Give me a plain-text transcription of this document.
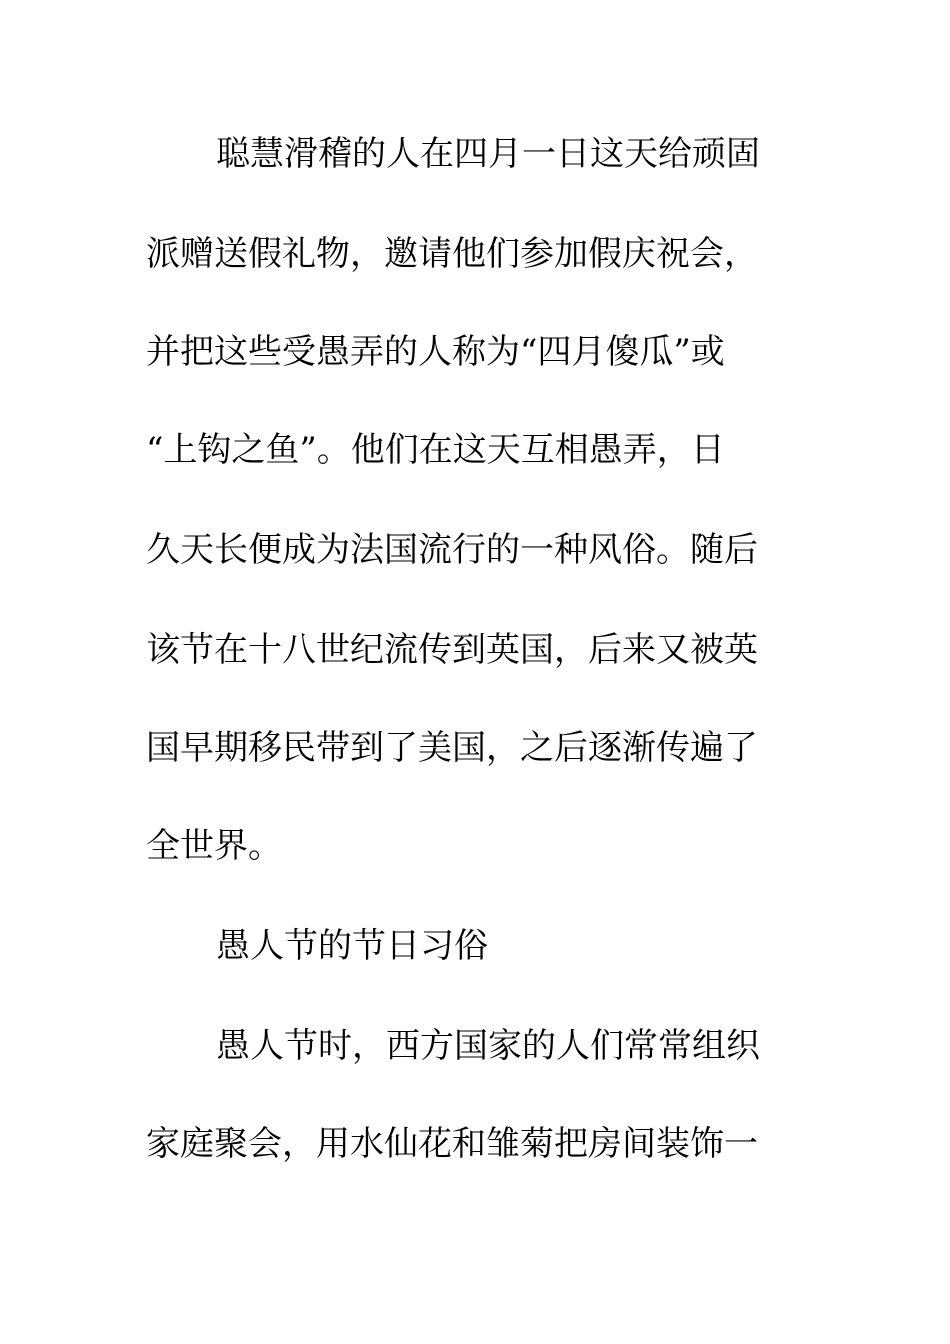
聪慧滑稽的人在四月一日这天给顽固
派赠送假礼物，邀请他们参加假庆祝会，
并把这些受愚弄的人称为“四月傻瓜”或
“上钩之鱼”。他们在这天互相愚弄，日
久天长便成为法国流行的一种风俗。随后
该节在十八世纪流传到英国，后来又被英
国早期移民带到了美国，之后逐渐传遍了
全世界。
愚人节的节日习俗
愚人节时，西方国家的人们常常组织
家庭聚会，用水仙花和雏菊把房间装饰一
